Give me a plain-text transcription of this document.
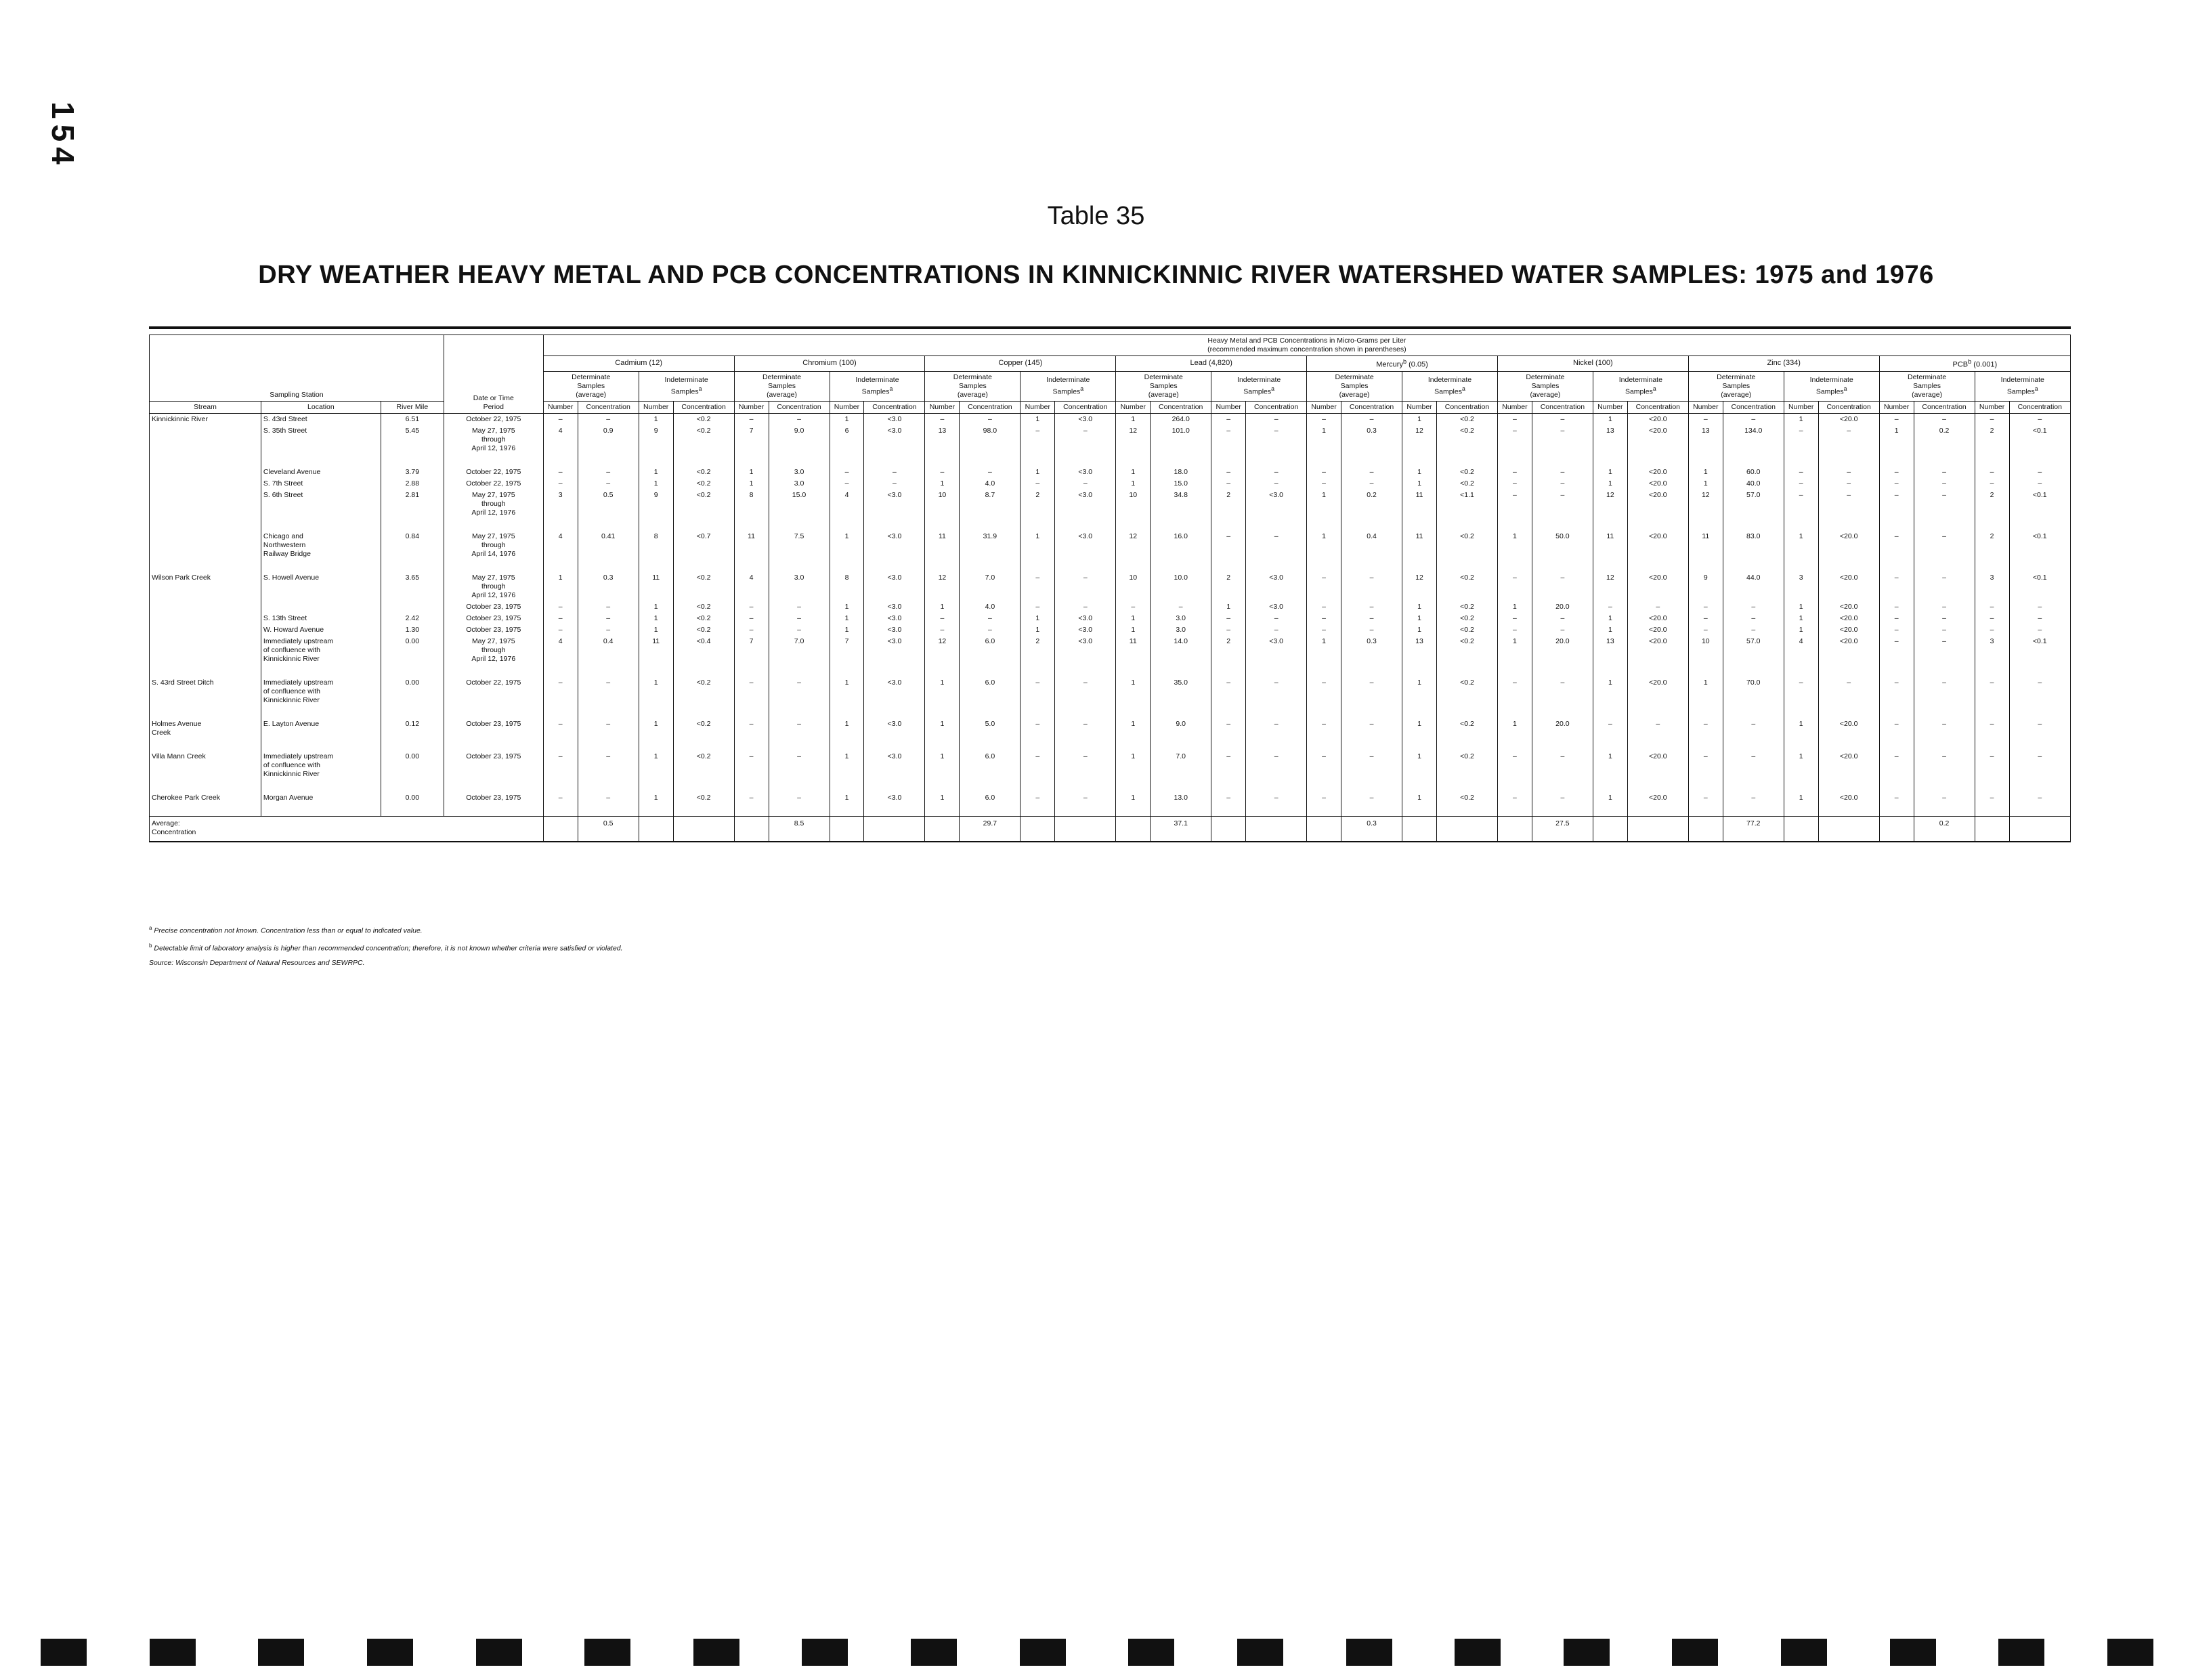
154
Table 35
DRY WEATHER HEAVY METAL AND PCB CONCENTRATIONS IN KINNICKINNIC RIVER WATERSHED WATER SAMPLES: 1975 and 1976
Sampling Station			Date or Time
Period	Heavy Metal and PCB Concentrations in Micro-Grams per Liter
(recommended maximum concentration shown in parentheses)																															
				Cadmium (12)				Chromium (100)				Copper (145)				Lead (4,820)				Mercury$^b$ (0.05)				Nickel (100)				Zinc (334)				PCB$^b$ (0.001)			
				Determinate
Samples
(average)		Indeterminate
Samples$^a$		Determinate
Samples
(average)		Indeterminate
Samples$^a$		Determinate
Samples
(average)		Indeterminate
Samples$^a$		Determinate
Samples
(average)		Indeterminate
Samples$^a$		Determinate
Samples
(average)		Indeterminate
Samples$^a$		Determinate
Samples
(average)		Indeterminate
Samples$^a$		Determinate
Samples
(average)		Indeterminate
Samples$^a$		Determinate
Samples
(average)		Indeterminate
Samples$^a$
Stream	Location	River Mile		Number	Concentration	Number	Concentration	Number	Concentration	Number	Concentration	Number	Concentration	Number	Concentration	Number	Concentration	Number	Concentration	Number	Concentration	Number	Concentration	Number	Concentration	Number	Concentration	Number	Concentration	Number	Concentration	Number	Concentration	Number	Concentration
Kinnickinnic River	S. 43rd Street	6.51	October 22, 1975	–	–	1	<0.2	–	–	1	<3.0	–	–	1	<3.0	1	264.0	–	–	–	–	1	<0.2	–	–	1	<20.0	–	–	1	<20.0	–	–	–	–
	S. 35th Street	5.45	May 27, 1975
through
April 12, 1976	4	0.9	9	<0.2	7	9.0	6	<3.0	13	98.0	–	–	12	101.0	–	–	1	0.3	12	<0.2	–	–	13	<20.0	13	134.0	–	–	1	0.2	2	<0.1
	Cleveland Avenue	3.79	October 22, 1975	–	–	1	<0.2	1	3.0	–	–	–	–	1	<3.0	1	18.0	–	–	–	–	1	<0.2	–	–	1	<20.0	1	60.0	–	–	–	–	–	–
	S. 7th Street	2.88	October 22, 1975	–	–	1	<0.2	1	3.0	–	–	1	4.0	–	–	1	15.0	–	–	–	–	1	<0.2	–	–	1	<20.0	1	40.0	–	–	–	–	–	–
	S. 6th Street	2.81	May 27, 1975
through
April 12, 1976	3	0.5	9	<0.2	8	15.0	4	<3.0	10	8.7	2	<3.0	10	34.8	2	<3.0	1	0.2	11	<1.1	–	–	12	<20.0	12	57.0	–	–	–	–	2	<0.1
	Chicago and
Northwestern
Railway Bridge	0.84	May 27, 1975
through
April 14, 1976	4	0.41	8	<0.7	11	7.5	1	<3.0	11	31.9	1	<3.0	12	16.0	–	–	1	0.4	11	<0.2	1	50.0	11	<20.0	11	83.0	1	<20.0	–	–	2	<0.1
Wilson Park Creek	S. Howell Avenue	3.65	May 27, 1975
through
April 12, 1976	1	0.3	11	<0.2	4	3.0	8	<3.0	12	7.0	–	–	10	10.0	2	<3.0	–	–	12	<0.2	–	–	12	<20.0	9	44.0	3	<20.0	–	–	3	<0.1
			October 23, 1975	–	–	1	<0.2	–	–	1	<3.0	1	4.0	–	–	–	–	1	<3.0	–	–	1	<0.2	1	20.0	–	–	–	–	1	<20.0	–	–	–	–
	S. 13th Street	2.42	October 23, 1975	–	–	1	<0.2	–	–	1	<3.0	–	–	1	<3.0	1	3.0	–	–	–	–	1	<0.2	–	–	1	<20.0	–	–	1	<20.0	–	–	–	–
	W. Howard Avenue	1.30	October 23, 1975	–	–	1	<0.2	–	–	1	<3.0	–	–	1	<3.0	1	3.0	–	–	–	–	1	<0.2	–	–	1	<20.0	–	–	1	<20.0	–	–	–	–
	Immediately upstream
of confluence with
Kinnickinnic River	0.00	May 27, 1975
through
April 12, 1976	4	0.4	11	<0.4	7	7.0	7	<3.0	12	6.0	2	<3.0	11	14.0	2	<3.0	1	0.3	13	<0.2	1	20.0	13	<20.0	10	57.0	4	<20.0	–	–	3	<0.1
S. 43rd Street Ditch	Immediately upstream
of confluence with
Kinnickinnic River	0.00	October 22, 1975	–	–	1	<0.2	–	–	1	<3.0	1	6.0	–	–	1	35.0	–	–	–	–	1	<0.2	–	–	1	<20.0	1	70.0	–	–	–	–	–	–
Holmes Avenue
Creek	E. Layton Avenue	0.12	October 23, 1975	–	–	1	<0.2	–	–	1	<3.0	1	5.0	–	–	1	9.0	–	–	–	–	1	<0.2	1	20.0	–	–	–	–	1	<20.0	–	–	–	–
Villa Mann Creek	Immediately upstream
of confluence with
Kinnickinnic River	0.00	October 23, 1975	–	–	1	<0.2	–	–	1	<3.0	1	6.0	–	–	1	7.0	–	–	–	–	1	<0.2	–	–	1	<20.0	–	–	1	<20.0	–	–	–	–
Cherokee Park Creek	Morgan Avenue	0.00	October 23, 1975	–	–	1	<0.2	–	–	1	<3.0	1	6.0	–	–	1	13.0	–	–	–	–	1	<0.2	–	–	1	<20.0	–	–	1	<20.0	–	–	–	–
Average:
Concentration					0.5				8.5				29.7				37.1				0.3				27.5				77.2				0.2		
$^a$ Precise concentration not known. Concentration less than or equal to indicated value.
$^b$ Detectable limit of laboratory analysis is higher than recommended concentration; therefore, it is not known whether criteria were satisfied or violated.
Source: Wisconsin Department of Natural Resources and SEWRPC.
